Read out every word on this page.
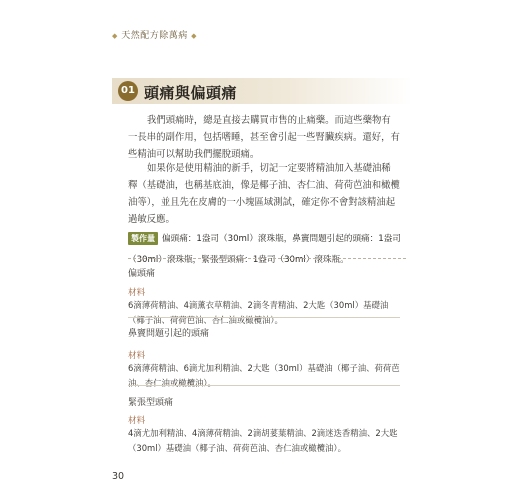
◆ 天然配方除萬病 ◆
01 頭痛與偏頭痛

我們頭痛時，總是直接去購買市售的止痛藥。而這些藥物有一長串的副作用，包括嗜睡，甚至會引起一些腎臟疾病。還好，有些精油可以幫助我們擺脫頭痛。

如果你是使用精油的新手，切記一定要將精油加入基礎油稀釋（基礎油，也稱基底油，像是椰子油、杏仁油、荷荷芭油和橄欖油等），並且先在皮膚的一小塊區域測試，確定你不會對該精油起過敏反應。

製作量 偏頭痛：1盎司（30ml）滾珠瓶，鼻竇問題引起的頭痛：1盎司（30ml）滾珠瓶，緊張型頭痛：1盎司（30ml）滾珠瓶。
偏頭痛
材料

6滴薄荷精油、4滴薰衣草精油、2滴冬青精油、2大匙（30ml）基礎油（椰子油、荷荷芭油、杏仁油或橄欖油）。

鼻竇問題引起的頭痛
材料

6滴薄荷精油、6滴尤加利精油、2大匙（30ml）基礎油（椰子油、荷荷芭油、杏仁油或橄欖油）。

緊張型頭痛
材料

4滴尤加利精油、4滴薄荷精油、2滴胡荽葉精油、2滴迷迭香精油、2大匙（30ml）基礎油（椰子油、荷荷芭油、杏仁油或橄欖油）。

30
